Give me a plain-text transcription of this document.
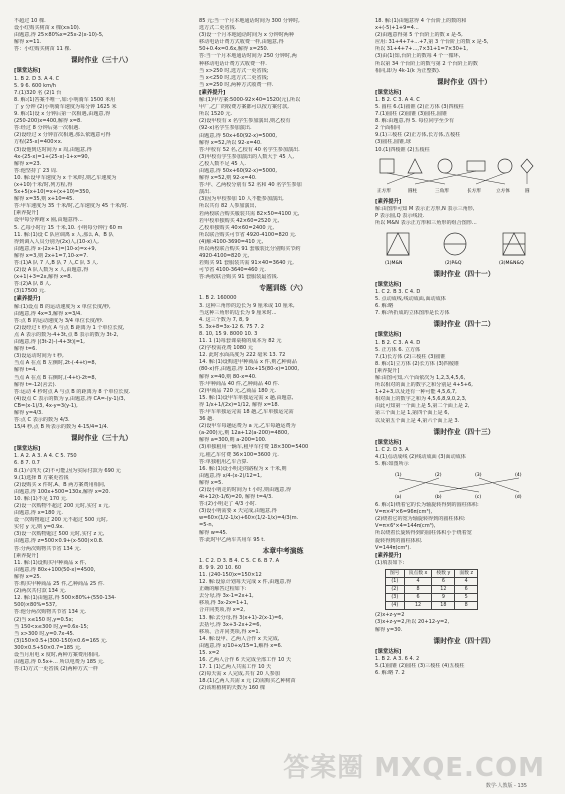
不超过 10 棵.
设小红购买树苗 x 棵(x≥10).
由题意,得 25×80%x=25x-2(x-10)-5,
解得 x=11.
答：小红购买树苗 11 棵.
课时作业（三十八）
[课堂达标]
1. B 2. D 3. A 4. C
5. 9 6. 600 km/h
7.(1)320 名 (2)1 台
8. 解:(1)答案不唯一,如:小明骑车 1500 米用
了 y 分钟 (2)小明骑车速度为每分钟 1625 米
9. 解:(1)设 x 分钟后第一次相遇,由题意,得
(250-200)x=400,解得 x=8.
答:经过 8 分钟后第一次相遇.
(2)设经过 x 分钟首次相遇,那么依题意可得
方程(25-x)=400×x.
(3)设他到达时间为 x 周,由题意,得
4x-(25-x)=1+(25-x)-1+x=90,
解得 x=23.
答:他坚持了 23 周.
10. 解:设甲车速度为 x 千米/时,则乙车速度为
(x+10)千米/时,列方程,得
5x+5(x+10)=x+(x+10)=350,
解得 x=35,则 x+10=45.
答:甲车速度为 35 千米/时,乙车速度为 45 千米/时.
[素养提升]
设甲每分钟跑 x 圈,由题意得...
5. 乙每小时行 15 千米,10. 小明每分钟行 60 m
11. 解:(1)设 C 队应调离 x 人,那么 A、B 队
得到调入人员分别为(2x)人,(10-x)人,
由题意,得 x-(2x+1)=(10-x)=x+9,
解得 x=3,则 2x+1=7,10-x=7.
答:(1)A 队 7 人,B 队 7 人,C 队 3 人.
(2)设 A 队人数为 x 人,由题意,得
(x+1)+3=2x,解得 x=8.
答:(2)A 队 8 人.
(3)17500 元.
[素养提升]
解:(1)设点 B 的运动速度为 x 单位长度/秒,
由题意,得 4x=3,解得 x=3/4.
答:点 B 的运动速度为 3/4 单位长度/秒.
(2)设经过 t 秒点 A 与点 B 距离为 1 个单位长度,
点 A 表示的数为-4+3t,点 B 表示的数为 3t-2,
由题意,得 |(3t-2)-(-4+3t)|=1,
解得 t=6.
(3)设运动时间为 t 秒,
当点 A 在点 B 左侧时,2t-(-4+t)=8,
解得 t=4.
当点 A 在点 B 右侧时,(-4+t)-2t=8,
解得 t=-12(舍去).
答:运动 4 秒时点 A 与点 B 的距离为 8 个单位长度.
(4)设点 C 表示的数为 y,由题意,得 CA=-(y-1)/3,
CB=(x-1)/3, 4x-y=3(y-1),
解得 y=4/3.
答:点 C 表示的数为 4/3.
15/4 秒,点 B 所表示的数为 4-15/4=1/4.
课时作业（三十九）
[课堂达标]
1. A 2. A 3. A 4. C 5. 750
6. 8 7. 0.7
8.(1)六四天 (2)不可能,因为实际付款为 690 元
9.(1)选择 B 方案更省钱
(2)设购买 x 件时,A、B 两方案费用相同,
由题意,得 100x+500=130x,解得 x=20.
10. 解:(1)不足 170 元.
(2)设一次购物不超过 200 元时,实付 x 元,
由题意,得 x=180 元.
设一次购物超过 200 元不超过 500 元时,
实付 y 元,则 y=0.9x.
(3)设一次购物超过 500 元时,实付 z 元,
由题意,得 z=500×0.9+(x-500)×0.8.
答:分两次购物共节省 134 元.
[素养提升]
11. 解:(1)设购买甲种商品 x 件,
由题意,得 80x+100(50-x)=4500,
解得 x=25.
答:购买甲种商品 25 件,乙种商品 25 件.
(2)两次共付款 134 元.
12. 解:(1)由题意,得 500×80%+(550-134-
500)×80%=537,
答:他分两次购物共节省 134 元.
(2)当 x≤150 时,y=0.5x;
当 150<x≤300 时,y=0.6x-15;
当 x>300 时,y=0.7x-45.
(3)150×0.5+(300-150)×0.6=165 元.
300×0.5+50×0.7=185 元.
设当月用电 x 度时,两种方案费用相同,
由题意,得 0.5x+... 所以电费为 185 元.
答:(1)方式一更省钱 (2)两种方式一样
85 元;当一个月本地通话时间为 300 分钟时,
选方式二更省钱.
(3)设一个月本地通话时间为 x 分钟时两种
移动电话计费方式收费一样,由题意,得
50+0.4x=0.6x,解得 x=250.
答:当一个月本地通话时间为 250 分钟时,两
种移动电话计费方式收费一样.
当 x>250 时,选方式一更省钱;
当 x<250 时,选方式二更省钱;
当 x=250 时,两种方式收费一样.
[素养提升]
解:(1)甲方案:5000-92×40=1520(元),所以
甲厂,乙厂的收费方案都可以按方案付款,
所以 1520 元.
(2)设甲校有 x 名学生参加演出,则乙校有
(92-x)名学生参加演出.
由题意,得 50x+60(92-x)=5000,
解得 x=52,所以 92-x=40.
答:甲校有 52 名,乙校有 40 名学生参加演出.
(3)甲校有学生参加演出的人数大于 45 人,
乙校人数不足 45 人.
由题意,得 50x+60(92-x)=5000,
解得 x=52,则 92-x=40.
答:甲、乙两校分别有 52 名和 40 名学生参加
演出.
(3)因为甲校参加 10 人不能参加演出,
所以共有 82 人参加演出,
若两校联合购买服装共需 82×50=4100 元,
若甲校单独购买 42×60=2520 元,
乙校单独购买 40×60=2400 元,
所以联合购买可节省 4920-4100=820 元.
(4)解:4100-3690=410 元,
所以两校联合购买 91 套服装比分别购买节约
4920-4100=820 元,
若购买 91 套服装共需 91×40=3640 元,
可节省 4100-3640=460 元.
答:两校联合购买 91 套服装最省钱.
专题训练（六）
1. B 2. 160000
3. 这种三角形的边长为 9 厘米或 10 厘米,
当这种三角形的边长为 9 厘米时...
4. 这三个数为 7, 8, 9
5. 3x+8=3x-12 6. 75 7. 2
8. 10, 15 9. 8000 10. 3
11. 1 (1)每套课桌椅的成本为 82 元
(2)学校需花费 1080 元
12. 此时水面高度为 222 毫米 13. 72
14. 解:(1)设购进甲种商品 x 件,则乙种商品
(80-x)件,由题意,得 10x+15(80-x)=1000,
解得 x=40,则 80-x=40.
答:甲种商品 40 件,乙种商品 40 件.
(2)甲商品 720 元,乙商品 180 元.
15. 解:(1)设甲车单独运完需 x 趟,由题意,
得 1/x+1/(2x)=1/12, 解得 x=18.
答:甲车单独运完需 18 趟,乙车单独运完需
36 趟.
(2)设甲车每趟运费为 a 元,乙车每趟运费为
(a-200)元,则 12a+12(a-200)=4800,
解得 a=300,则 a-200=100.
(3)单独租用一辆车,租甲车付费 18×300=5400
元,租乙车付费 36×100=3600 元.
答:单独租用乙车合算.
16. 解:(1)设小明走的路程为 x 千米,则
由题意,得 x/4-(x-2)/12=1,
解得 x=5.
(2)设小明走的时间为 t 小时,则由题意,得
4t+12(t-1/6)=20, 解得 t=4/3.
答:(2)小明走了 4/3 小时.
(3)设小明需要 x 天完成,由题意,得
w=60×(1/2-1/x)+60×(1/2-1/x)=4/3(m.
=5-n,
解得 w=45.
答:此时甲乙两车共用车 95 t.
本章中考演练
1. C 2. D 3. B 4. C 5. C 6. B 7. A
8. 9 9. 20 10. 60
11. (240-150)x=150×12
12. 解:设原计划每天完成 x 件,由题意,得
正确的解答过程如下:
去分母,得 3x-1=2x+1,
移项,得 3x-2x=1+1,
合并同类项,得 x=2,
13. 解:去分母,得 3(x+1)-2(x-1)=6,
去括号,得 3x+3-2x+2=6,
移项、合并同类项,得 x=1.
14. 解:设甲、乙两人合作 x 天完成,
由题意,得 x/10+x/15=1,解得 x=6.
15. x=2
16. 乙两人合作 6 天完成全部工作 10 天
17. 1 (1)乙两人共需工作 10 天
(2)每天需 x 人完成,共有 20 人参加
18.(1)乙两人共需 x 元 (2)需购买乙种树苗
(2)该班植树的天数为 160 棵
18. 解:(1)由题意得 4 个台阶上的数的和
x+(-5)+1+9=4...
(2)由题意得第 5 个台阶上的数 x 是-5,
应用: 31+4+7+...+7,第 3 个台阶上的数 x 是-5,
所以 31+4+7+...,7×31+1=7×30+1,
(3)由(1)知,台阶上的数每 4 个一循环,
所以第 34 个台阶上的数与第 2 个台阶上的数
相同,即为 4k-1(k 为正整数).
课时作业（四十）
[课堂达标]
1. B 2. C 3. A 4. C
5. 圆柱 6.(1)圆锥 (2)正方体 (3)四棱柱
7.(1)圆柱 (2)圆锥 (3)圆柱,圆锥
8. 解:由题意,得 5. 每位同学至少有
2 个面相同
9.(1)三棱柱 (2)正方体,长方体,五棱柱
(3)圆柱,圆锥,球
10.(1)四棱锥 (2)五棱柱
正方形	圆柱	三角形	长方形	立方体	圆
[素养提升]
解:由图形可知 M 表示正方形,N 表示三角形,
P 表示圆,Q 表示线段.
所以 M&N 表示正方形和三角形的组合图形...
(1)M&N	(2)P&Q	(3)M&N&Q
课时作业（四十一）
[课堂达标]
1. C 2. B 3. C 4. D
5. 点动成线,线动成面,面动成体
6. 解:略
7. 解:所折成的立体图形是长方体
课时作业（四十二）
[课堂达标]
1. B 2. C 3. A 4. D
5. 正方体 6. 立方体
7.(1)长方体 (2)三棱柱 (3)圆锥
8. 解:(1)立方体 (2)长方体 (3)四棱锥
[素养提升]
解:由图可知,六个面依次为 1,2,3,4,5,6,
所以相对的面上的数字之和分别是 4+5+6,
1+2+3,以及还有一种可能 4,5,6,7,
相对面上的数字之和为 4,5,6,8,9,0,2,3,
由此可知第一个面上是 5,第二个面上是 2,
第三个面上是 1,第四个面上是 6,
以及第五个面上是 4,第六个面上是 3.
课时作业（四十三）
[课堂达标]
1. C 2. D 3. A
4.(1)点动成线 (2)线动成面 (3)面动成体
5. 解:如图所示
(1)	(2)	(3)	(4)
(a)	(b)	(c)	(d)
6. 解:(1)绕着它的长为轴旋转得到的圆柱体积:
V=π×4²×6=96π(cm³),
(2)绕着它的宽为轴旋转得到的圆柱体积:
V=π×6²×4=144π(cm³),
所以绕着长旋转得到的圆柱体积小于绕着宽
旋转得到的圆柱体积.
V=144π(cm³).
[素养提升]
(1)填表如下:
图号	顶点数 x	棱数 y	面数 z
(1)	4	6	4
(2)	8	12	6
(3)	6	9	5
(4)	12	18	8
(2)x+z-y=2
(3)x+z-y=2,所以 20+12-y=2,
解得 y=30.
课时作业（四十四）
[课堂达标]
1. B 2. A 3. 6 4. 2
5.(1)圆锥 (2)圆柱 (3)三棱柱 (4)五棱柱
6. 解:略 7. 2
答案圈 MXQE.COM
数学·人教版 - 135
